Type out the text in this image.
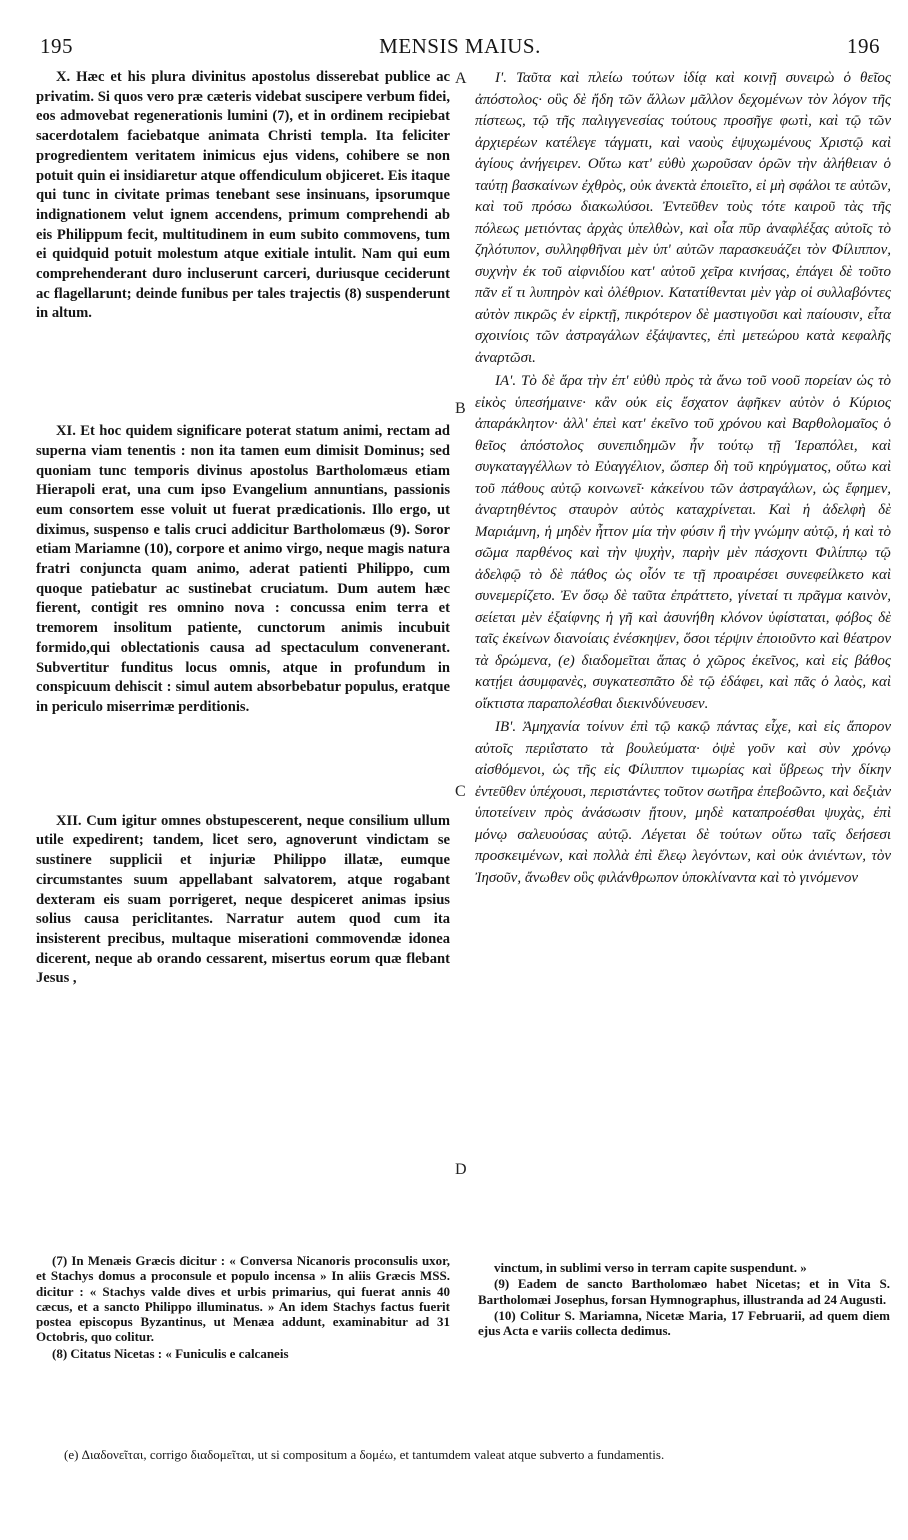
195	MENSIS MAIUS.	196

X. Hæc et his plura divinitus apostolus disserebat publice ac privatim. Si quos vero præ cæteris videbat suscipere verbum fidei, eos admovebat regenerationis lumini (7), et in ordinem recipiebat sacerdotalem faciebatque animata Christi templa. Ita feliciter progredientem veritatem inimicus ejus videns, cohibere se non potuit quin ei insidiaretur atque offendiculum objiceret. Eis itaque qui tunc in civitate primas tenebant sese insinuans, ipsorumque indignationem velut ignem accendens, primum comprehendi ab eis Philippum fecit, multitudinem in eum subito commovens, tum ei quidquid potuit molestum atque exitiale intulit. Nam qui eum comprehenderant duro incluserunt carceri, duriusque ceciderunt ac flagellarunt; deinde funibus per tales trajectis (8) suspenderunt in altum.

XI. Et hoc quidem significare poterat statum animi, rectam ad superna viam tenentis : non ita tamen eum dimisit Dominus; sed quoniam tunc temporis divinus apostolus Bartholomæus etiam Hierapoli erat, una cum ipso Evangelium annuntians, passionis eum consortem esse voluit ut fuerat prædicationis. Illo ergo, ut diximus, suspenso e talis cruci addicitur Bartholomæus (9). Soror etiam Mariamne (10), corpore et animo virgo, neque magis natura fratri conjuncta quam animo, aderat patienti Philippo, cum quoque patiebatur ac sustinebat cruciatum. Dum autem hæc fierent, contigit res omnino nova : concussa enim terra et tremorem insolitum patiente, cunctorum animis incubuit formido,qui oblectationis causa ad spectaculum convenerant. Subvertitur funditus locus omnis, atque in profundum in conspicuum dehiscit : simul autem absorbebatur populus, eratque in periculo miserrimæ perditionis.

XII. Cum igitur omnes obstupescerent, neque consilium ullum utile expedirent; tandem, licet sero, agnoverunt vindictam se sustinere supplicii et injuriæ Philippo illatæ, eumque circumstantes suum appellabant salvatorem, atque rogabant dexteram eis suam porrigeret, neque despiceret animas ipsius solius causa periclitantes. Narratur autem quod cum ita insisterent precibus, multaque miserationi commovendæ idonea dicerent, neque ab orando cessarent, misertus eorum quæ flebant Jesus ,

A
B
C
D

Ι'. Ταῦτα καὶ πλείω τούτων ἰδίᾳ καὶ κοινῇ συνειρὼ ὁ θεῖος ἀπόστολος· οὓς δὲ ἤδη τῶν ἄλλων μᾶλλον δεχομένων τὸν λόγον τῆς πίστεως, τῷ τῆς παλιγγενεσίας τούτους προσῆγε φωτὶ, καὶ τῷ τῶν ἀρχιερέων κατέλεγε τάγματι, καὶ ναοὺς ἐψυχωμένους Χριστῷ καὶ ἁγίους ἀνήγειρεν. Οὕτω κατ' εὐθὺ χωροῦσαν ὁρῶν τὴν ἀλήθειαν ὁ ταύτῃ βασκαίνων ἐχθρὸς, οὐκ ἀνεκτὰ ἐποιεῖτο, εἰ μὴ σφάλοι τε αὐτῶν, καὶ τοῦ πρόσω διακωλύσοι. Ἐντεῦθεν τοὺς τότε καιροῦ τὰς τῆς πόλεως μετιόντας ἀρχὰς ὑπελθὼν, καὶ οἷα πῦρ ἀναφλέξας αὐτοῖς τὸ ζηλότυπον, συλληφθῆναι μὲν ὑπ' αὐτῶν παρασκευάζει τὸν Φίλιππον, συχνὴν ἐκ τοῦ αἰφνιδίου κατ' αὐτοῦ χεῖρα κινήσας, ἐπάγει δὲ τοῦτο πᾶν εἴ τι λυπηρὸν καὶ ὀλέθριον. Κατατίθενται μὲν γὰρ οἱ συλλαβόντες αὐτὸν πικρῶς ἐν εἱρκτῇ, πικρότερον δὲ μαστιγοῦσι καὶ παίουσιν, εἶτα σχοινίοις τῶν ἀστραγάλων ἐξάψαντες, ἐπὶ μετεώρου κατὰ κεφαλῆς ἀναρτῶσι.

ΙΑ'. Τὸ δὲ ἄρα τὴν ἐπ' εὐθὺ πρὸς τὰ ἄνω τοῦ νοοῦ πορείαν ὡς τὸ εἰκὸς ὑπεσήμαινε· κἂν οὐκ εἰς ἔσχατον ἀφῆκεν αὐτὸν ὁ Κύριος ἀπαράκλητον· ἀλλ' ἐπεὶ κατ' ἐκεῖνο τοῦ χρόνου καὶ Βαρθολομαῖος ὁ θεῖος ἀπόστολος συνεπιδημῶν ἦν τούτῳ τῇ Ἱεραπόλει, καὶ συγκαταγγέλλων τὸ Εὐαγγέλιον, ὥσπερ δὴ τοῦ κηρύγματος, οὕτω καὶ τοῦ πάθους αὐτῷ κοινωνεῖ· κἀκείνου τῶν ἀστραγάλων, ὡς ἔφημεν, ἀναρτηθέντος σταυρὸν αὐτὸς καταχρίνεται. Καὶ ἡ ἀδελφὴ δὲ Μαριάμνη, ἡ μηδὲν ἧττον μία τὴν φύσιν ἢ τὴν γνώμην αὐτῷ, ἡ καὶ τὸ σῶμα παρθένος καὶ τὴν ψυχὴν, παρὴν μὲν πάσχοντι Φιλίππῳ τῷ ἀδελφῷ τὸ δὲ πάθος ὡς οἷόν τε τῇ προαιρέσει συνεφείλκετο καὶ συνεμερίζετο. Ἐν ὅσῳ δὲ ταῦτα ἐπράττετο, γίνεταί τι πρᾶγμα καινὸν, σείεται μὲν ἐξαίφνης ἡ γῆ καὶ ἀσυνήθη κλόνον ὑφίσταται, φόβος δὲ ταῖς ἐκείνων διανοίαις ἐνέσκηψεν, ὅσοι τέρψιν ἐποιοῦντο καὶ θέατρον τὰ δρώμενα, (e) διαδομεῖται ἅπας ὁ χῶρος ἐκεῖνος, καὶ εἰς βάθος κατῄει ἀσυμφανὲς, συγκατεσπᾶτο δὲ τῷ ἐδάφει, καὶ πᾶς ὁ λαὸς, καὶ οἴκτιστα παραπολέσθαι διεκινδύνευσεν.

ΙΒ'. Ἀμηχανία τοίνυν ἐπὶ τῷ κακῷ πάντας εἶχε, καὶ εἰς ἄπορον αὐτοῖς περιΐστατο τὰ βουλεύματα· ὀψὲ γοῦν καὶ σὺν χρόνῳ αἰσθόμενοι, ὡς τῆς εἰς Φίλιππον τιμωρίας καὶ ὕβρεως τὴν δίκην ἐντεῦθεν ὑπέχουσι, περιστάντες τοῦτον σωτῆρα ἐπεβοῶντο, καὶ δεξιὰν ὑποτείνειν πρὸς ἀνάσωσιν ᾔτουν, μηδὲ καταπροέσθαι ψυχὰς, ἐπὶ μόνῳ σαλευούσας αὐτῷ. Λέγεται δὲ τούτων οὕτω ταῖς δεήσεσι προσκειμένων, καὶ πολλὰ ἐπὶ ἔλεῳ λεγόντων, καὶ οὐκ ἀνιέντων, τὸν Ἰησοῦν, ἄνωθεν οὓς φιλάνθρωπον ὑποκλίναντα καὶ τὸ γινόμενον

(7) In Menæis Græcis dicitur : « Conversa Nicanoris proconsulis uxor, et Stachys domus a proconsule et populo incensa » In aliis Græcis MSS. dicitur : « Stachys valde dives et urbis primarius, qui fuerat annis 40 cæcus, et a sancto Philippo illuminatus. » An idem Stachys factus fuerit postea episcopus Byzantinus, ut Menæa addunt, examinabitur ad 31 Octobris, quo colitur.

(8) Citatus Nicetas : « Funiculis e calcaneis

vinctum, in sublimi verso in terram capite suspendunt. »

(9) Eadem de sancto Bartholomæo habet Nicetas; et in Vita S. Bartholomæi Josephus, forsan Hymnographus, illustranda ad 24 Augusti.

(10) Colitur S. Mariamna, Nicetæ Maria, 17 Februarii, ad quem diem ejus Acta e variis collecta dedimus.

(e) Διαδονεῖται, corrigo διαδομεῖται, ut si compositum a δομέω, et tantumdem valeat atque subverto a fundamentis.
